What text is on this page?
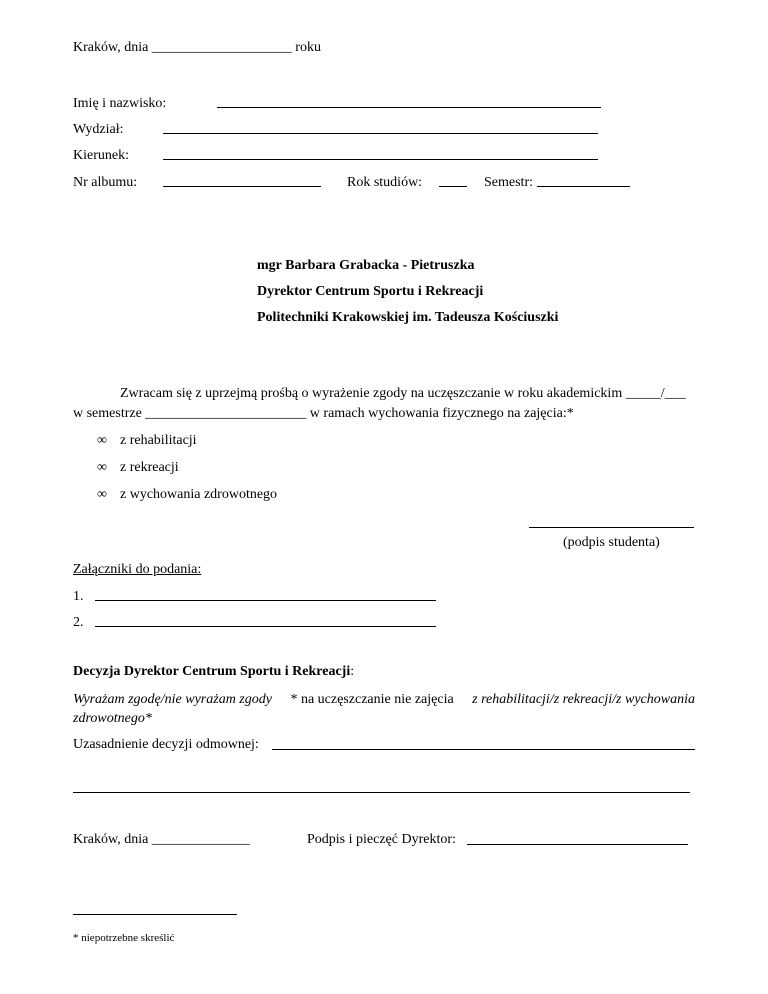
Kraków, dnia ____________________ roku
Imię i nazwisko:
Wydział:
Kierunek:
Nr albumu:	Rok studiów:	Semestr:
mgr Barbara Grabacka - Pietruszka
Dyrektor Centrum Sportu i Rekreacji
Politechniki Krakowskiej im. Tadeusza Kościuszki
Zwracam się z uprzejmą prośbą o wyrażenie zgody na uczęszczanie w roku akademickim _____/___
w semestrze _______________________ w ramach wychowania fizycznego na zajęcia:*
∞ z rehabilitacji
∞ z rekreacji
∞ z wychowania zdrowotnego
(podpis studenta)
Załączniki do podania:
1.
2.
Decyzja Dyrektor Centrum Sportu i Rekreacji:
Wyrażam zgodę/nie wyrażam zgody * na uczęszczanie nie zajęcia z rehabilitacji/z rekreacji/z wychowania
zdrowotnego*
Uzasadnienie decyzji odmownej:
Kraków, dnia ______________	Podpis i pieczęć Dyrektor:
* niepotrzebne skreślić
